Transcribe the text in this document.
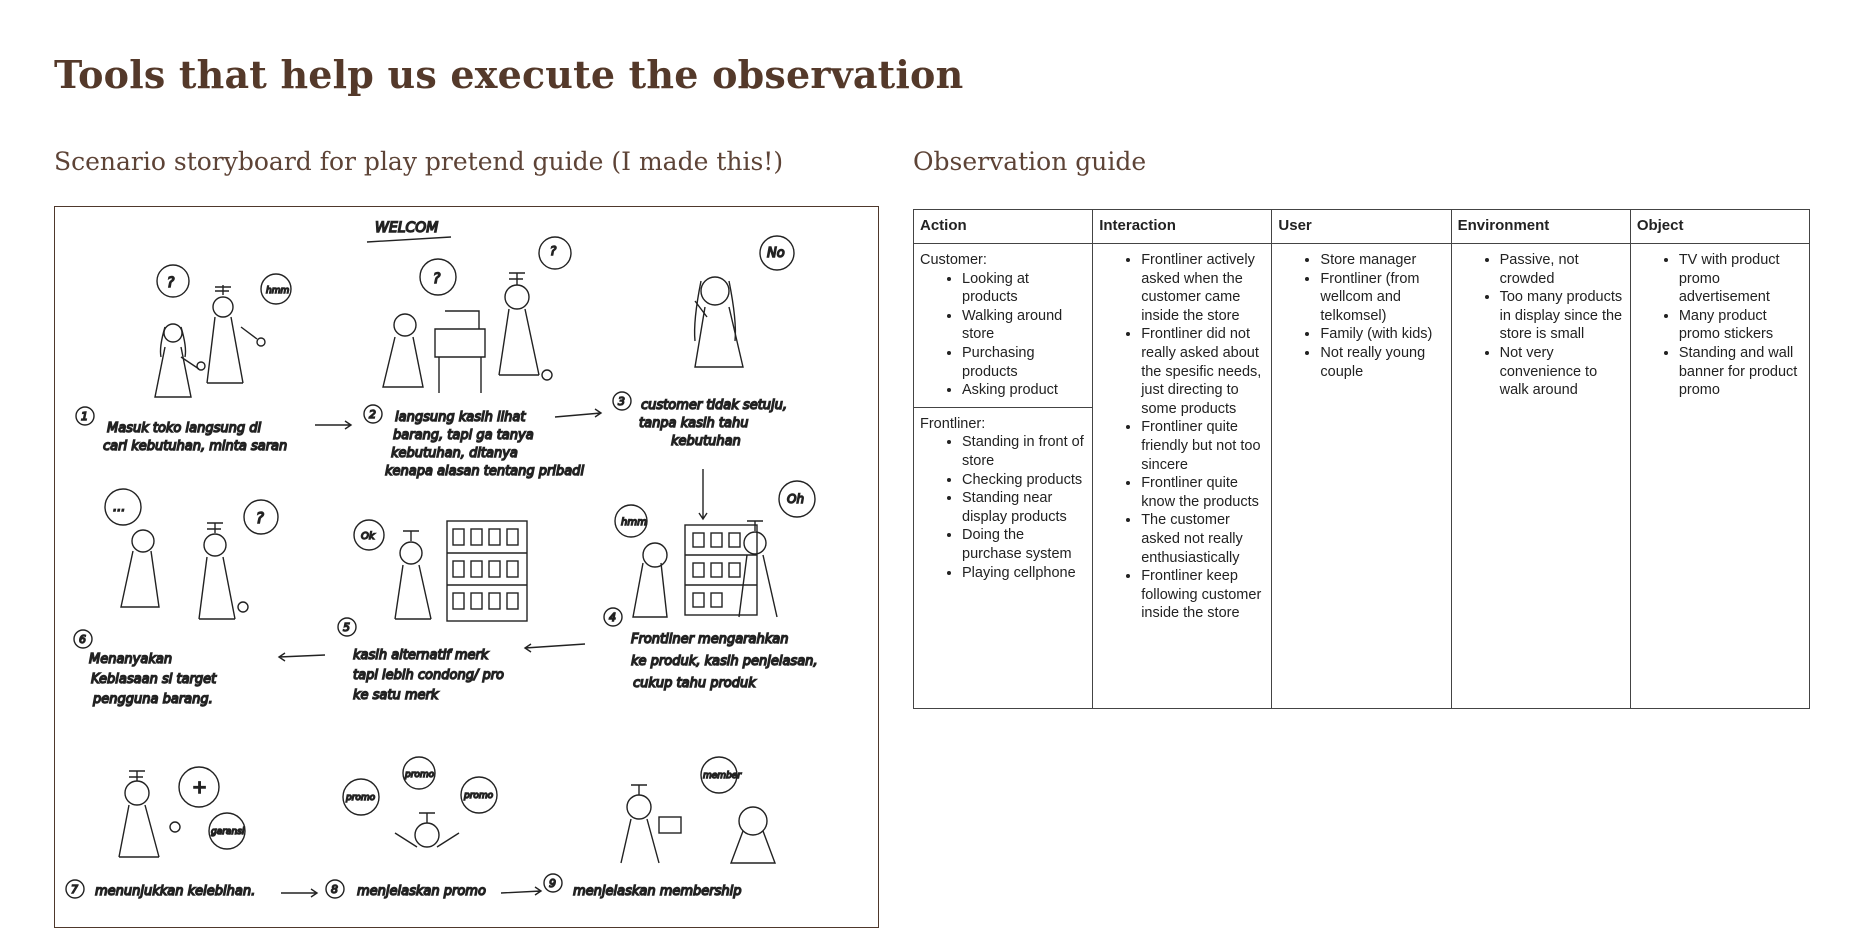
Tools that help us execute the observation
Scenario storyboard for play pretend guide (I made this!)	Observation guide
WELCOM
?	hmm
1
Masuk toko langsung di
cari kebutuhan, minta saran
?
?
2 langsung kasih lihat
barang, tapi ga tanya
kebutuhan, ditanya
kenapa alasan tentang pribadi
No
3 customer tidak setuju,
tanpa kasih tahu
kebutuhan
...
?
Ok
hmm
Oh
4
Frontliner mengarahkan
ke produk, kasih penjelasan,
cukup tahu produk
5
kasih alternatif merk
tapi lebih condong/ pro
ke satu merk
6
Menanyakan
Kebiasaan si target
pengguna barang.
+
garansi
7 menunjukkan kelebihan.
promo
promo
promo
8 menjelaskan promo
member
9
menjelaskan membership
Action
Customer:
• Looking at products
• Walking around store
• Purchasing products
• Asking product
Frontliner:
• Standing in front of store
• Checking products
• Standing near display products
• Doing the purchase system
• Playing cellphone
Interaction
• Frontliner actively asked when the customer came inside the store
• Frontliner did not really asked about the spesific needs, just directing to some products
• Frontliner quite friendly but not too sincere
• Frontliner quite know the products
• The customer asked not really enthusiastically
• Frontliner keep following customer inside the store
User
• Store manager
• Frontliner (from wellcom and telkomsel)
• Family (with kids)
• Not really young couple
Environment
• Passive, not crowded
• Too many products in display since the store is small
• Not very convenience to walk around
Object
• TV with product promo advertisement
• Many product promo stickers
• Standing and wall banner for product promo
